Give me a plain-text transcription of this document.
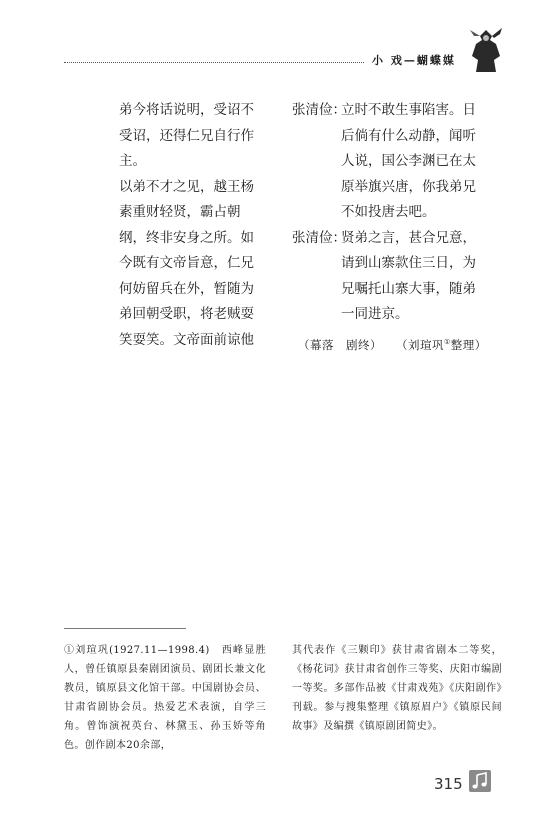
小 戏—蝴蝶媒

弟今将话说明，受诏不

受诏，还得仁兄自行作

主。

以弟不才之见，越王杨

素重财轻贤，霸占朝

纲，终非安身之所。如

今既有文帝旨意，仁兄

何妨留兵在外，暂随为

弟回朝受职，将老贼耍

笑耍笑。文帝面前谅他

张清俭：
立时不敢生事陷害。日
后倘有什么动静，闻听
人说，国公李渊已在太
原举旗兴唐，你我弟兄
不如投唐去吧。
张清俭：
贤弟之言，甚合兄意，
请到山寨款住三日，为
兄嘱托山寨大事，随弟
一同进京。
（幕落　剧终） （刘瑄巩①整理）
①刘瑄巩(1927.11—1998.4)　西峰显胜人，曾任镇原县秦剧团演员、剧团长兼文化教员，镇原县文化馆干部。中国剧协会员、甘肃省剧协会员。热爱艺术表演，自学三角。曾饰演祝英台、林黛玉、孙玉娇等角色。创作剧本20余部，
其代表作《三颗印》获甘肃省剧本二等奖，《杨花词》获甘肃省创作三等奖、庆阳市编剧一等奖。多部作品被《甘肃戏苑》《庆阳剧作》刊载。参与搜集整理《镇原眉户》《镇原民间故事》及编撰《镇原剧团简史》。
315
